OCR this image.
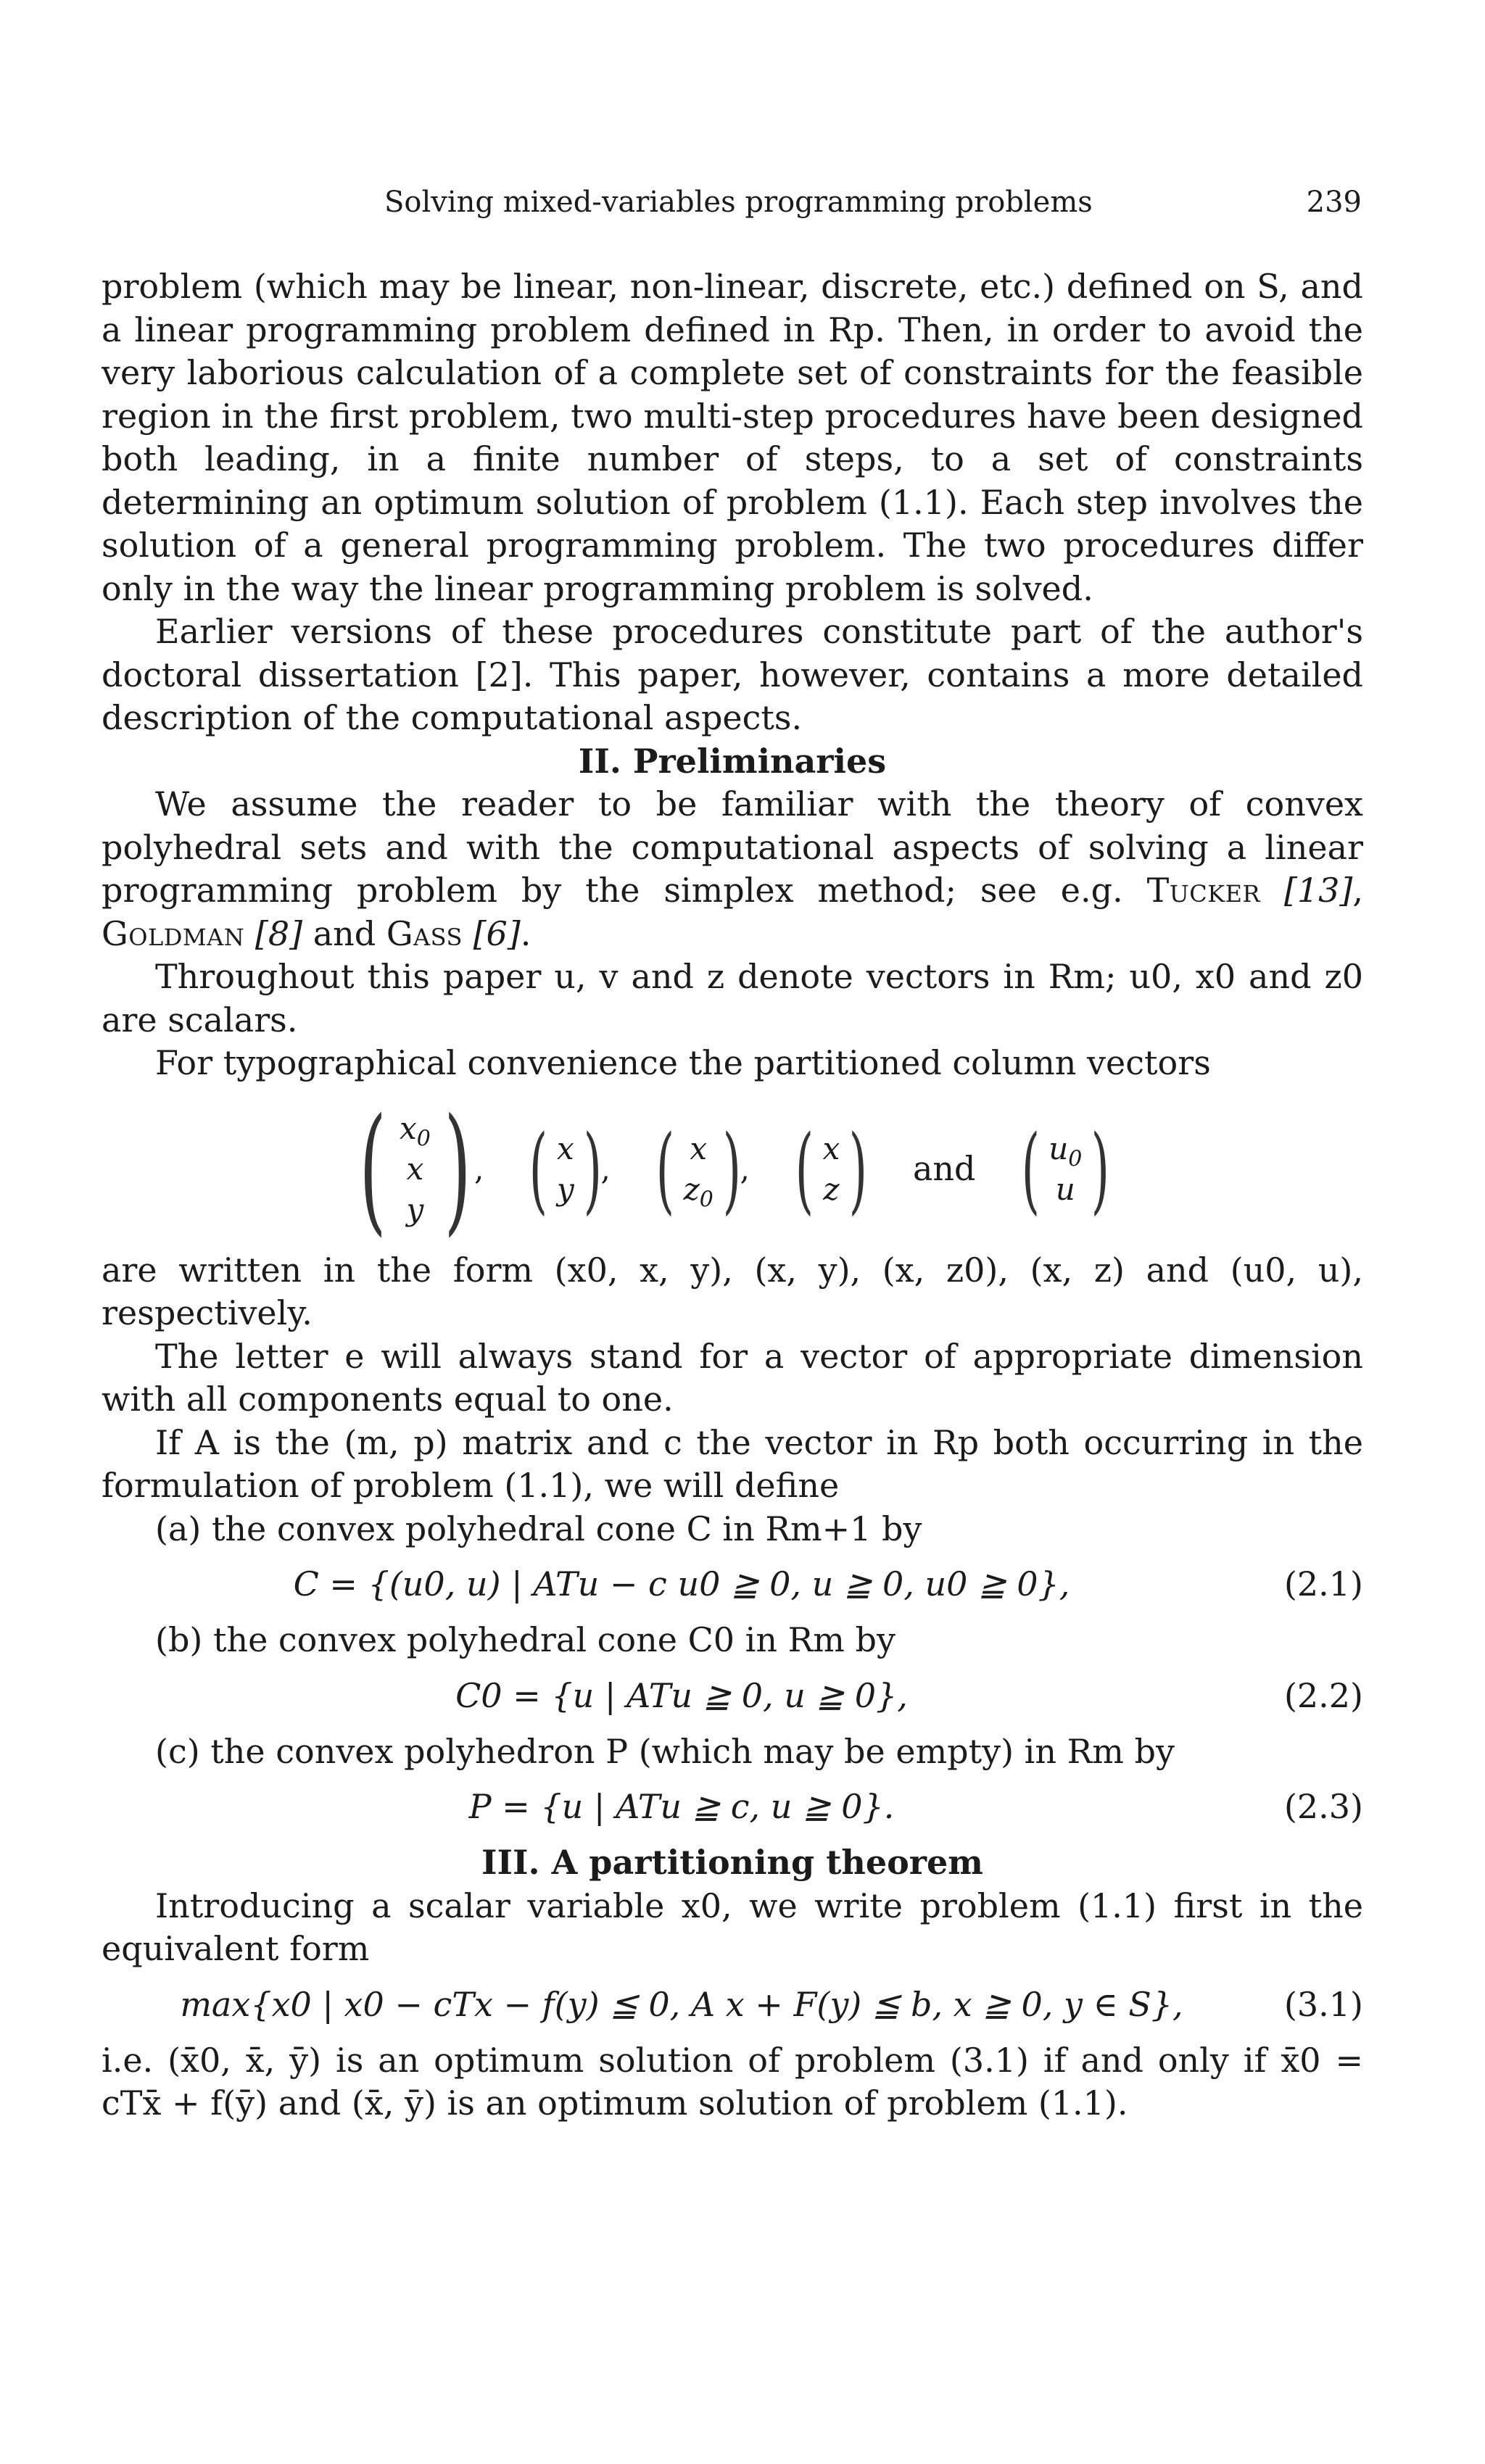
Solving mixed-variables programming problems	239

problem (which may be linear, non-linear, discrete, etc.) defined on S, and a linear programming problem defined in Rp. Then, in order to avoid the very laborious calculation of a complete set of constraints for the feasible region in the first problem, two multi-step procedures have been designed both leading, in a finite number of steps, to a set of constraints determining an optimum solution of problem (1.1). Each step involves the solution of a general programming problem. The two procedures differ only in the way the linear programming problem is solved.

Earlier versions of these procedures constitute part of the author's doctoral dissertation [2]. This paper, however, contains a more detailed description of the computational aspects.

II. Preliminaries

We assume the reader to be familiar with the theory of convex polyhedral sets and with the computational aspects of solving a linear programming problem by the simplex method; see e.g. Tucker [13], Goldman [8] and Gass [6].

Throughout this paper u, v and z denote vectors in Rm; u0, x0 and z0 are scalars.

For typographical convenience the partitioned column vectors

( $x_0$
x
y ) , ( x
y )
, ( x
$z_0$ )
, ( x
z ) and ( $u_0$
u )

are written in the form (x0, x, y), (x, y), (x, z0), (x, z) and (u0, u), respectively.

The letter e will always stand for a vector of appropriate dimension with all components equal to one.

If A is the (m, p) matrix and c the vector in Rp both occurring in the formulation of problem (1.1), we will define

(a) the convex polyhedral cone C in Rm+1 by

C = {(u0, u) | ATu − c u0 ≧ 0, u ≧ 0, u0 ≧ 0},	(2.1)

(b) the convex polyhedral cone C0 in Rm by

C0 = {u | ATu ≧ 0, u ≧ 0},	(2.2)

(c) the convex polyhedron P (which may be empty) in Rm by

P = {u | ATu ≧ c, u ≧ 0}.	(2.3)

III. A partitioning theorem

Introducing a scalar variable x0, we write problem (1.1) first in the equivalent form

max{x0 | x0 − cTx − f(y) ≦ 0, A x + F(y) ≦ b, x ≧ 0, y ∈ S},	(3.1)

i.e. (x̄0, x̄, ȳ) is an optimum solution of problem (3.1) if and only if x̄0 = cTx̄ + f(ȳ) and (x̄, ȳ) is an optimum solution of problem (1.1).
